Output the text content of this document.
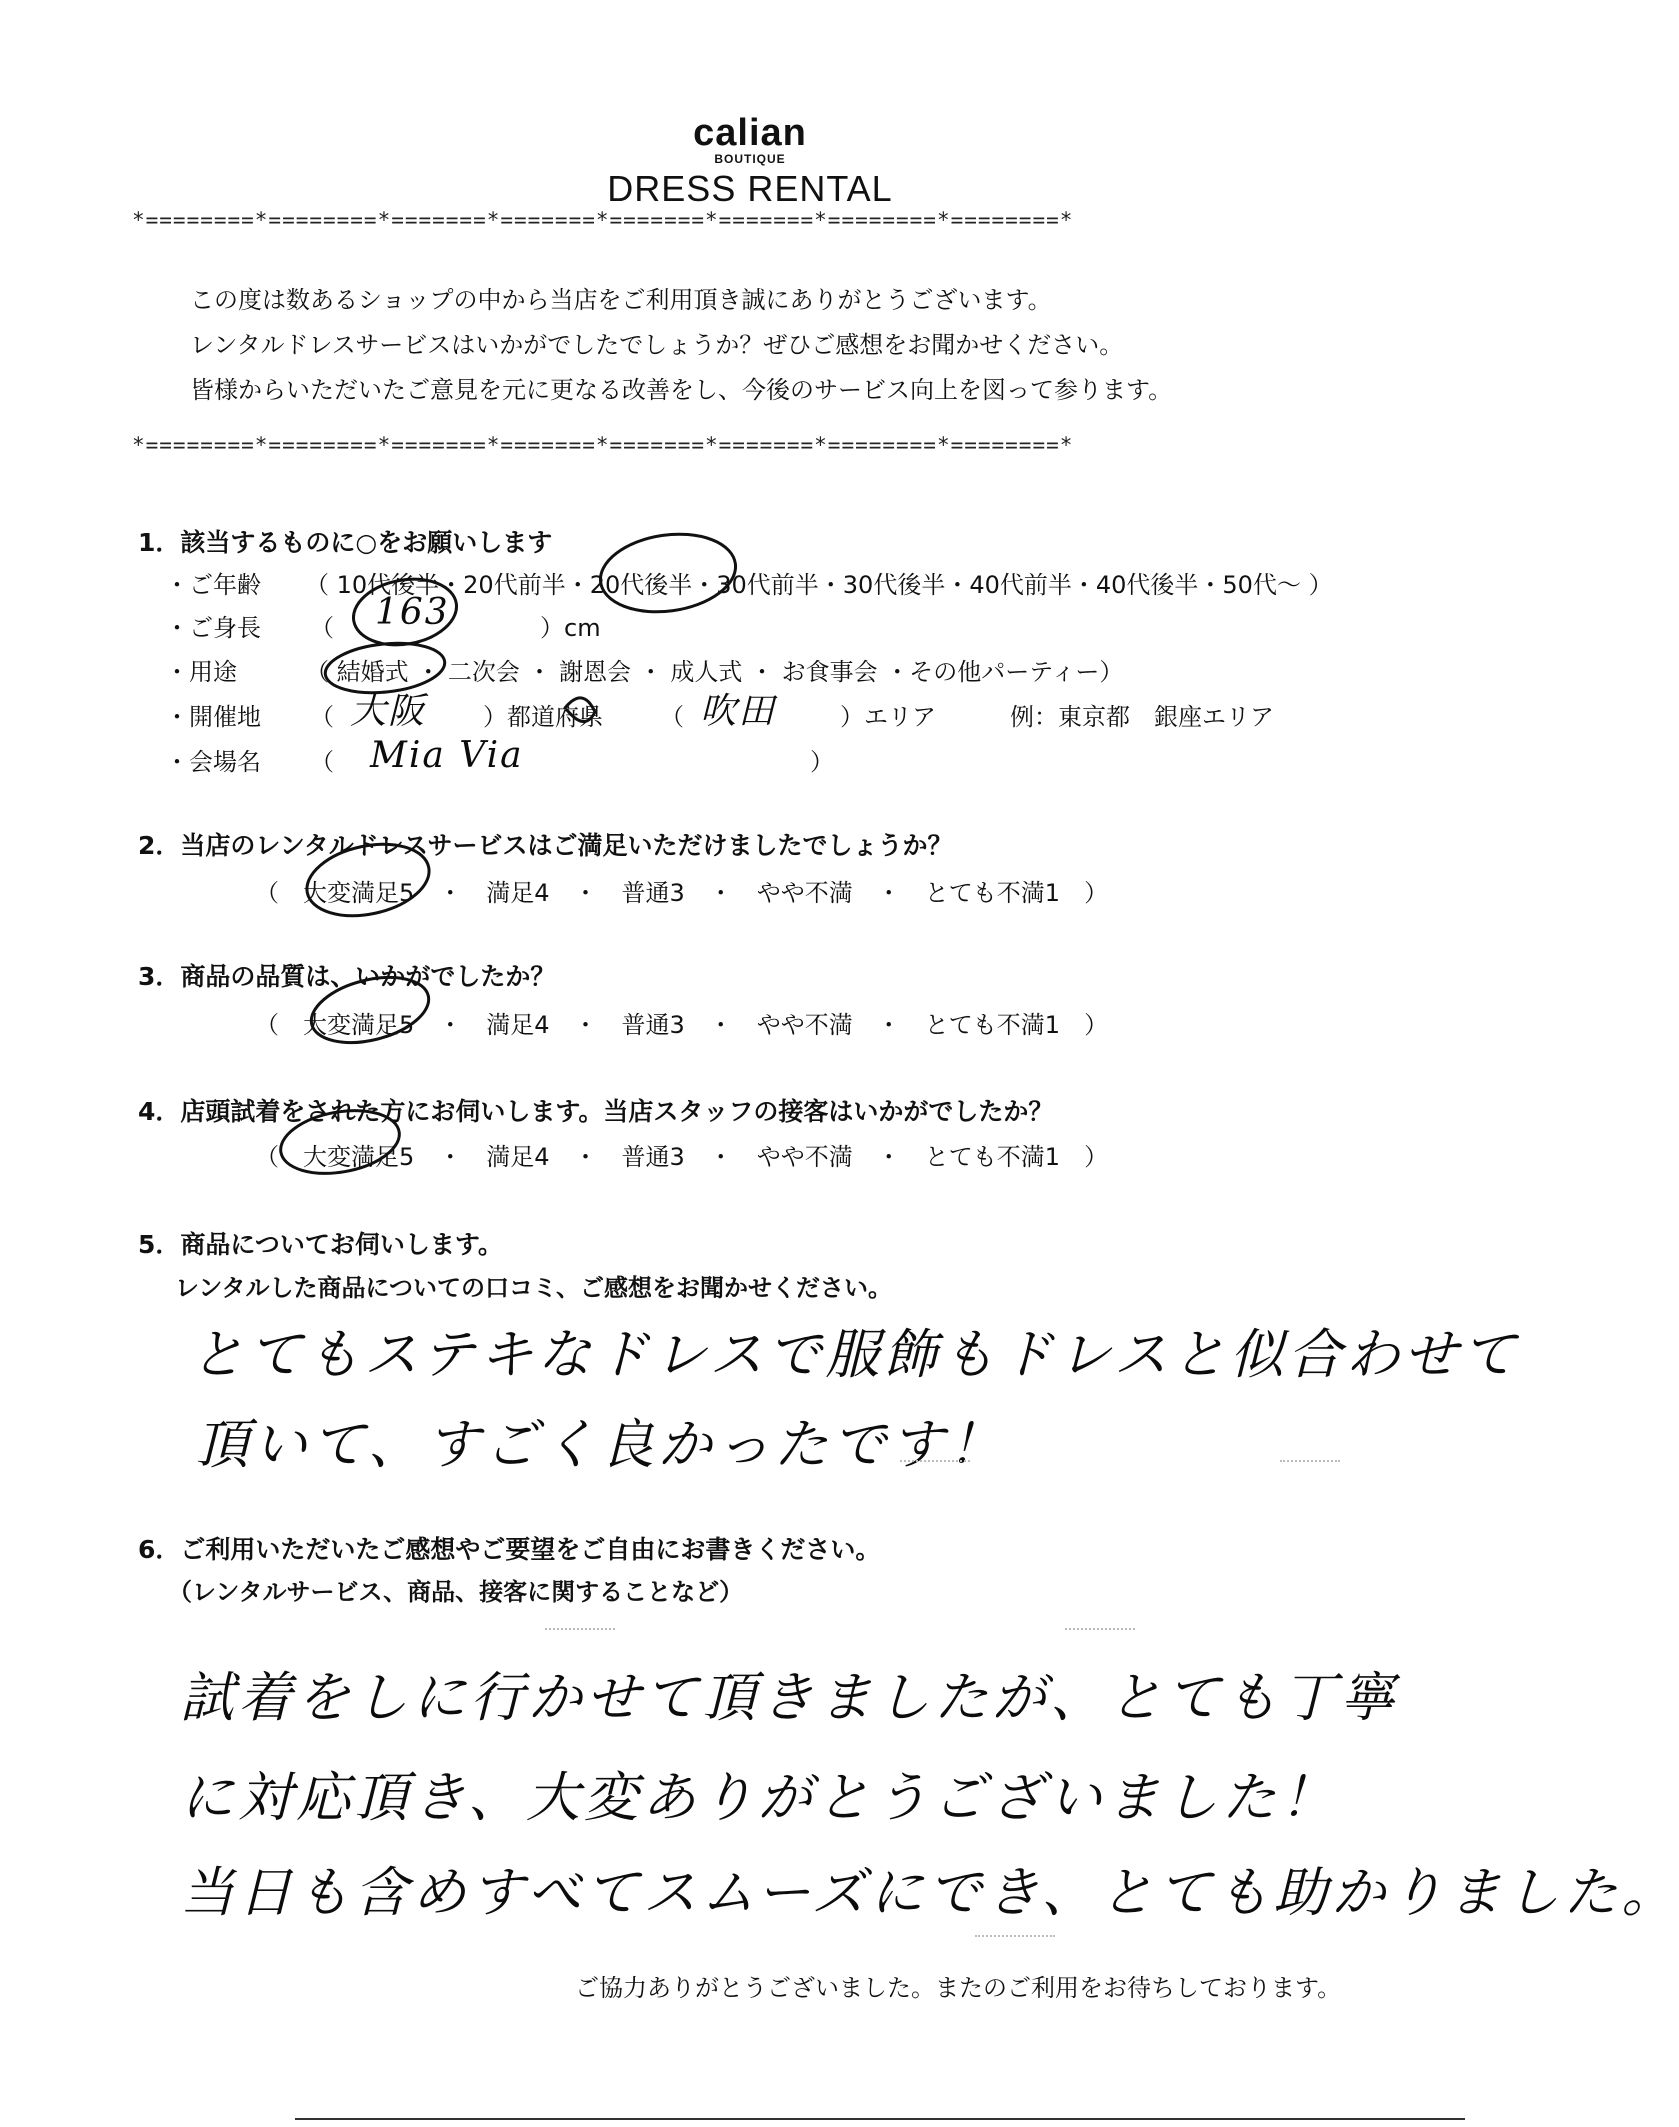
calian
BOUTIQUE
DRESS RENTAL
*========*========*=======*=======*=======*=======*========*========*
この度は数あるショップの中から当店をご利用頂き誠にありがとうございます。
レンタルドレスサービスはいかがでしたでしょうか？ぜひご感想をお聞かせください。
皆様からいただいたご意見を元に更なる改善をし、今後のサービス向上を図って参ります。
*========*========*=======*=======*=======*=======*========*========*
1．該当するものに○をお願いします
・ご年齢 （ 10代後半・20代前半・20代後半・30代前半・30代後半・40代前半・40代後半・50代〜 ）
・ご身長 （ 163	）cm
・用途	（ 結婚式 ・ 二次会 ・ 謝恩会 ・ 成人式 ・ お食事会 ・その他パーティー）
・開催地 （ 大阪 ）都道府県 （ 吹田	）エリア	例：東京都　銀座エリア
・会場名 （ Mia Via	）
2．当店のレンタルドレスサービスはご満足いただけましたでしょうか？
（　大変満足5　・　満足4　・　普通3　・　やや不満　・　とても不満1　）
3．商品の品質は、いかがでしたか？
（　大変満足5　・　満足4　・　普通3　・　やや不満　・　とても不満1　）
4．店頭試着をされた方にお伺いします。当店スタッフの接客はいかがでしたか？
（　大変満足5　・　満足4　・　普通3　・　やや不満　・　とても不満1　）
5．商品についてお伺いします。
レンタルした商品についての口コミ、ご感想をお聞かせください。
とてもステキなドレスで服飾もドレスと似合わせて
頂いて、すごく良かったです！
6．ご利用いただいたご感想やご要望をご自由にお書きください。
（レンタルサービス、商品、接客に関することなど）
試着をしに行かせて頂きましたが、とても丁寧
に対応頂き、大変ありがとうございました！
当日も含めすべてスムーズにでき、とても助かりました。
ご協力ありがとうございました。またのご利用をお待ちしております。
